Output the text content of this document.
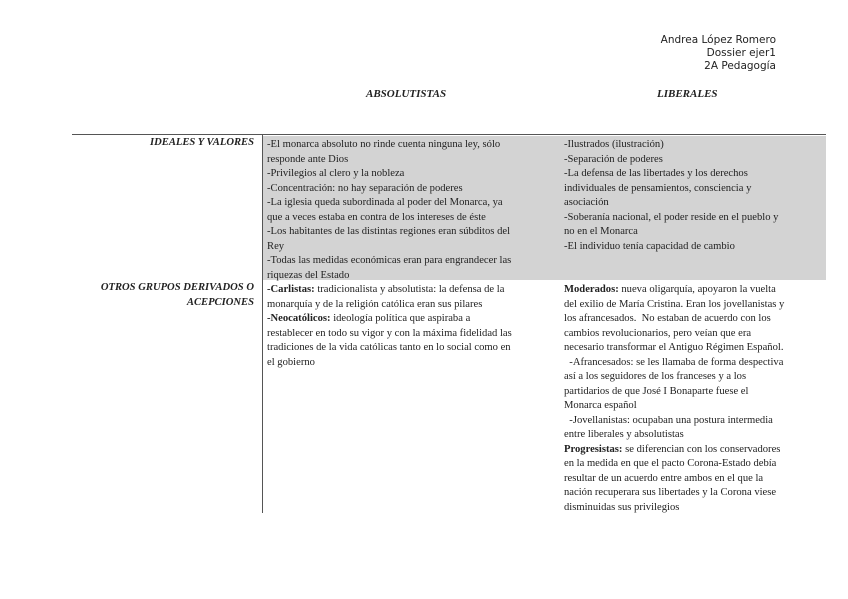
Andrea López Romero
Dossier ejer1
2A Pedagogía
ABSOLUTISTAS	LIBERALES
IDEALES Y VALORES -El monarca absoluto no rinde cuenta ninguna ley, sólo
responde ante Dios
-Privilegios al clero y la nobleza
-Concentración: no hay separación de poderes
-La iglesia queda subordinada al poder del Monarca, ya
que a veces estaba en contra de los intereses de éste
-Los habitantes de las distintas regiones eran súbditos del
Rey
-Todas las medidas económicas eran para engrandecer las
riquezas del Estado
-Ilustrados (ilustración)
-Separación de poderes
-La defensa de las libertades y los derechos
individuales de pensamientos, consciencia y
asociación
-Soberanía nacional, el poder reside en el pueblo y
no en el Monarca
-El individuo tenía capacidad de cambio
OTROS GRUPOS DERIVADOS O
ACEPCIONES
-Carlistas: tradicionalista y absolutista: la defensa de la
monarquía y de la religión católica eran sus pilares
-Neocatólicos: ideología política que aspiraba a
restablecer en todo su vigor y con la máxima fidelidad las
tradiciones de la vida católicas tanto en lo social como en
el gobierno
Moderados: nueva oligarquía, apoyaron la vuelta
del exilio de María Cristina. Eran los jovellanistas y
los afrancesados.  No estaban de acuerdo con los
cambios revolucionarios, pero veían que era
necesario transformar el Antiguo Régimen Español.
-Afrancesados: se les llamaba de forma despectiva
así a los seguidores de los franceses y a los
partidarios de que José I Bonaparte fuese el
Monarca español
-Jovellanistas: ocupaban una postura intermedia
entre liberales y absolutistas
Progresistas: se diferencian con los conservadores
en la medida en que el pacto Corona-Estado debía
resultar de un acuerdo entre ambos en el que la
nación recuperara sus libertades y la Corona viese
disminuidas sus privilegios
